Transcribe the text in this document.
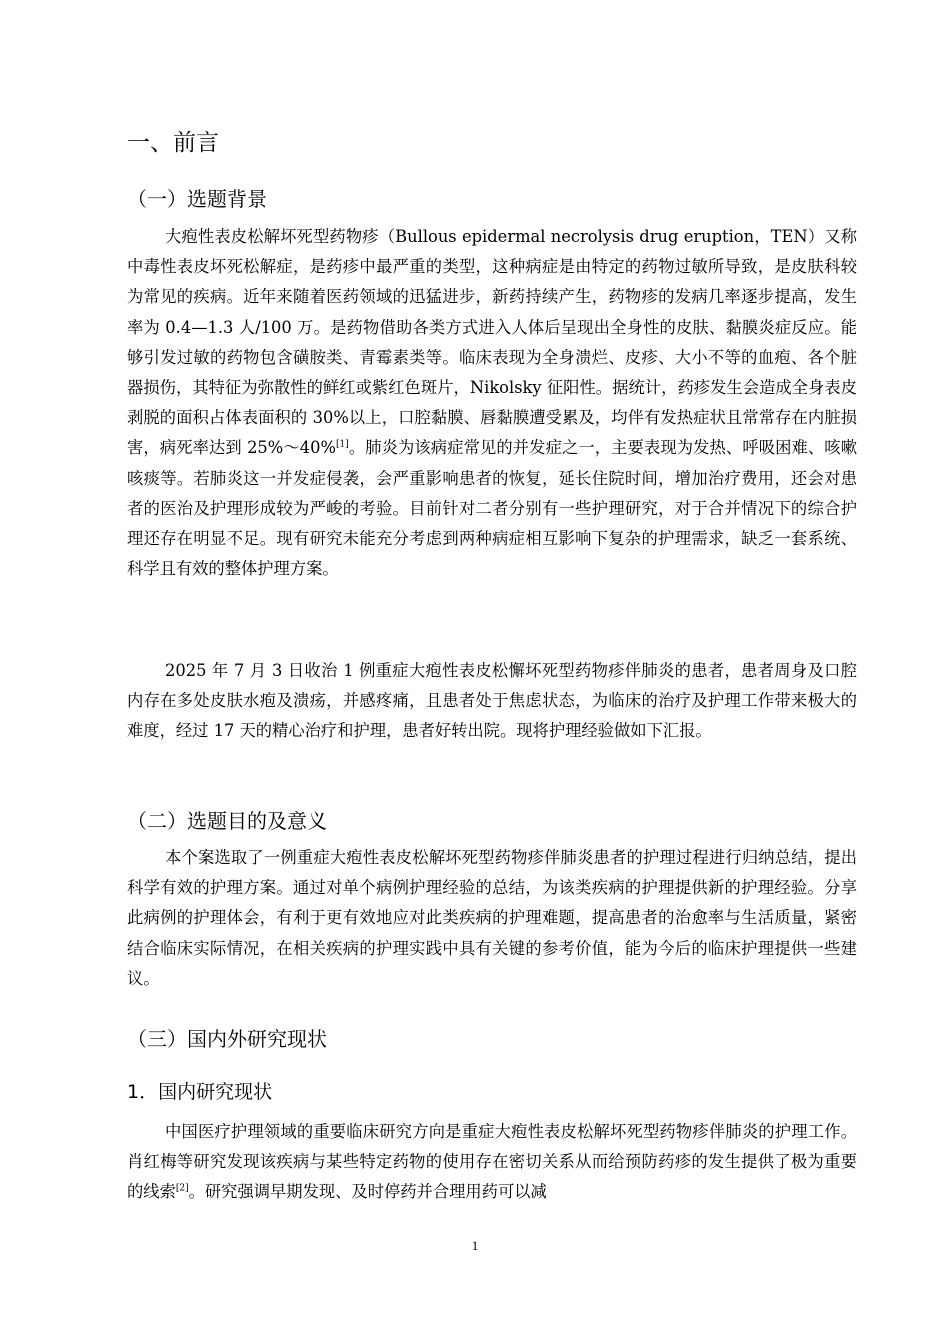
一、前言
（一）选题背景

大疱性表皮松解坏死型药物疹（Bullous epidermal necrolysis drug eruption，TEN）又称中毒性表皮坏死松解症，是药疹中最严重的类型，这种病症是由特定的药物过敏所导致，是皮肤科较为常见的疾病。近年来随着医药领域的迅猛进步，新药持续产生，药物疹的发病几率逐步提高，发生率为 0.4—1.3 人/100 万。是药物借助各类方式进入人体后呈现出全身性的皮肤、黏膜炎症反应。能够引发过敏的药物包含磺胺类、青霉素类等。临床表现为全身溃烂、皮疹、大小不等的血疱、各个脏器损伤，其特征为弥散性的鲜红或紫红色斑片，Nikolsky 征阳性。据统计，药疹发生会造成全身表皮剥脱的面积占体表面积的 30%以上，口腔黏膜、唇黏膜遭受累及，均伴有发热症状且常常存在内脏损害，病死率达到 25%～40%[1]。肺炎为该病症常见的并发症之一，主要表现为发热、呼吸困难、咳嗽咳痰等。若肺炎这一并发症侵袭，会严重影响患者的恢复，延长住院时间，增加治疗费用，还会对患者的医治及护理形成较为严峻的考验。目前针对二者分别有一些护理研究，对于合并情况下的综合护理还存在明显不足。现有研究未能充分考虑到两种病症相互影响下复杂的护理需求，缺乏一套系统、科学且有效的整体护理方案。

2025 年 7 月 3 日收治 1 例重症大疱性表皮松懈坏死型药物疹伴肺炎的患者，患者周身及口腔内存在多处皮肤水疱及溃疡，并感疼痛，且患者处于焦虑状态，为临床的治疗及护理工作带来极大的难度，经过 17 天的精心治疗和护理，患者好转出院。现将护理经验做如下汇报。

（二）选题目的及意义

本个案选取了一例重症大疱性表皮松解坏死型药物疹伴肺炎患者的护理过程进行归纳总结，提出科学有效的护理方案。通过对单个病例护理经验的总结，为该类疾病的护理提供新的护理经验。分享此病例的护理体会，有利于更有效地应对此类疾病的护理难题，提高患者的治愈率与生活质量，紧密结合临床实际情况，在相关疾病的护理实践中具有关键的参考价值，能为今后的临床护理提供一些建议。

（三）国内外研究现状
1．国内研究现状

中国医疗护理领域的重要临床研究方向是重症大疱性表皮松解坏死型药物疹伴肺炎的护理工作。肖红梅等研究发现该疾病与某些特定药物的使用存在密切关系从而给预防药疹的发生提供了极为重要的线索[2]。研究强调早期发现、及时停药并合理用药可以减

1
